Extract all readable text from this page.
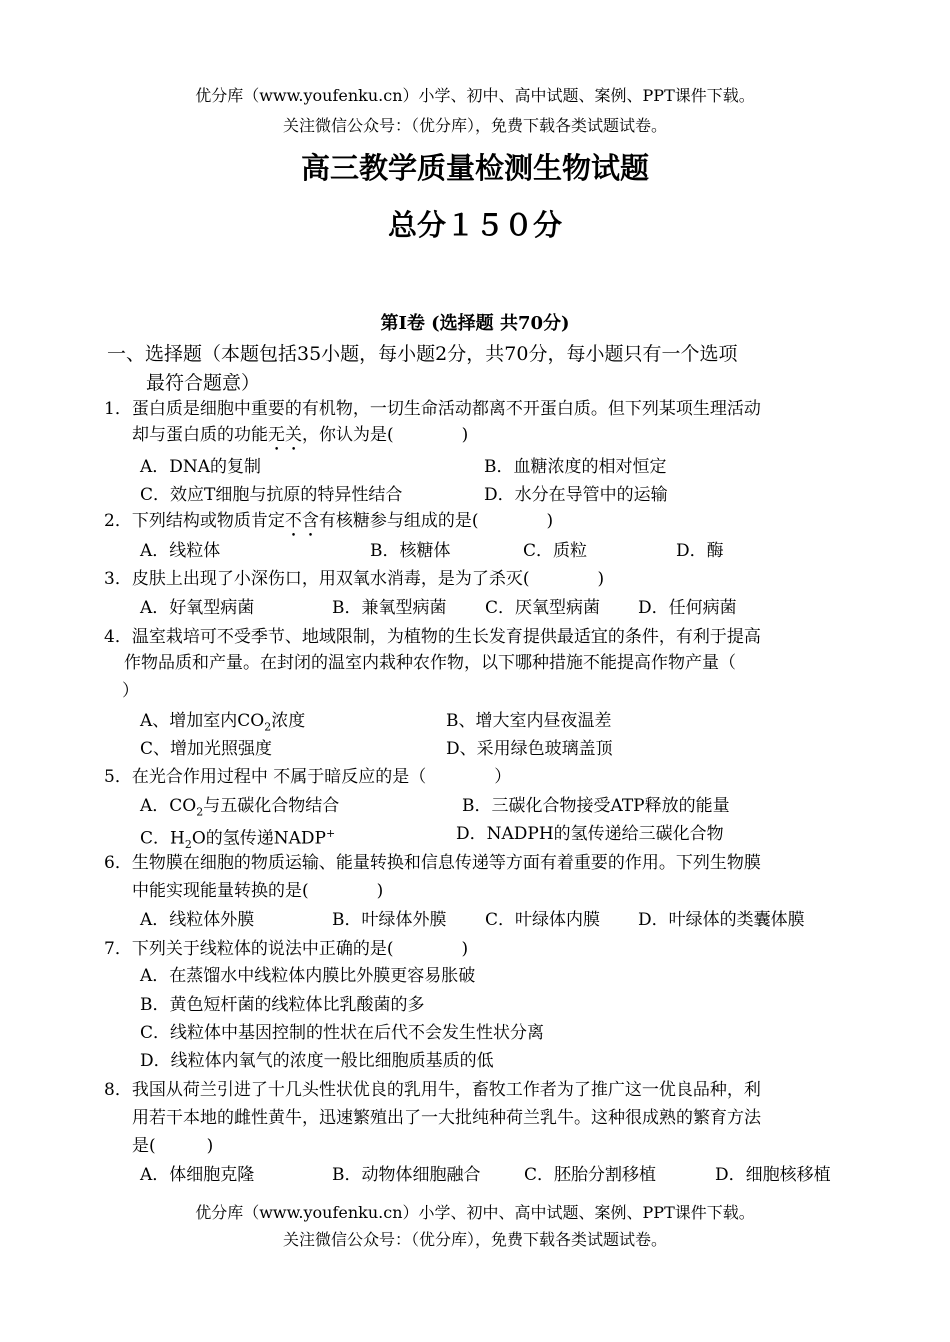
优分库（www.youfenku.cn）小学、初中、高中试题、案例、PPT课件下载。
关注微信公众号：（优分库），免费下载各类试题试卷。
高三教学质量检测生物试题
总分１５０分
第Ⅰ卷 (选择题 共70分)
一、选择题（本题包括35小题，每小题2分，共70分，每小题只有一个选项
最符合题意）
1．蛋白质是细胞中重要的有机物，一切生命活动都离不开蛋白质。但下列某项生理活动
却与蛋白质的功能无关，你认为是(　　　　)
A．DNA的复制	B．血糖浓度的相对恒定
C．效应T细胞与抗原的特异性结合	D．水分在导管中的运输
2．下列结构或物质肯定不含有核糖参与组成的是(　　　　)
A．线粒体	B．核糖体	C．质粒	D．酶
3．皮肤上出现了小深伤口，用双氧水消毒，是为了杀灭(　　　　)
A．好氧型病菌	B．兼氧型病菌 C．厌氧型病菌 D．任何病菌
4．温室栽培可不受季节、地域限制，为植物的生长发育提供最适宜的条件，有利于提高
作物品质和产量。在封闭的温室内栽种农作物，以下哪种措施不能提高作物产量（
）
A、增加室内$CO_2$浓度	B、增大室内昼夜温差
C、增加光照强度	D、采用绿色玻璃盖顶
5．在光合作用过程中 不属于暗反应的是（　　　　）
A．$CO_2$与五碳化合物结合	B．三碳化合物接受ATP释放的能量
C．$H_2O$的氢传递NADP+	D．NADPH的氢传递给三碳化合物
6．生物膜在细胞的物质运输、能量转换和信息传递等方面有着重要的作用。下列生物膜
中能实现能量转换的是(　　　　)
A．线粒体外膜	B．叶绿体外膜 C．叶绿体内膜 D．叶绿体的类囊体膜
7．下列关于线粒体的说法中正确的是(　　　　)
A．在蒸馏水中线粒体内膜比外膜更容易胀破
B．黄色短杆菌的线粒体比乳酸菌的多
C．线粒体中基因控制的性状在后代不会发生性状分离
D．线粒体内氧气的浓度一般比细胞质基质的低
8．我国从荷兰引进了十几头性状优良的乳用牛，畜牧工作者为了推广这一优良品种，利
用若干本地的雌性黄牛，迅速繁殖出了一大批纯种荷兰乳牛。这种很成熟的繁育方法
是(　　　)
A．体细胞克隆	B．动物体细胞融合	C．胚胎分割移植	D．细胞核移植
优分库（www.youfenku.cn）小学、初中、高中试题、案例、PPT课件下载。
关注微信公众号：（优分库），免费下载各类试题试卷。
